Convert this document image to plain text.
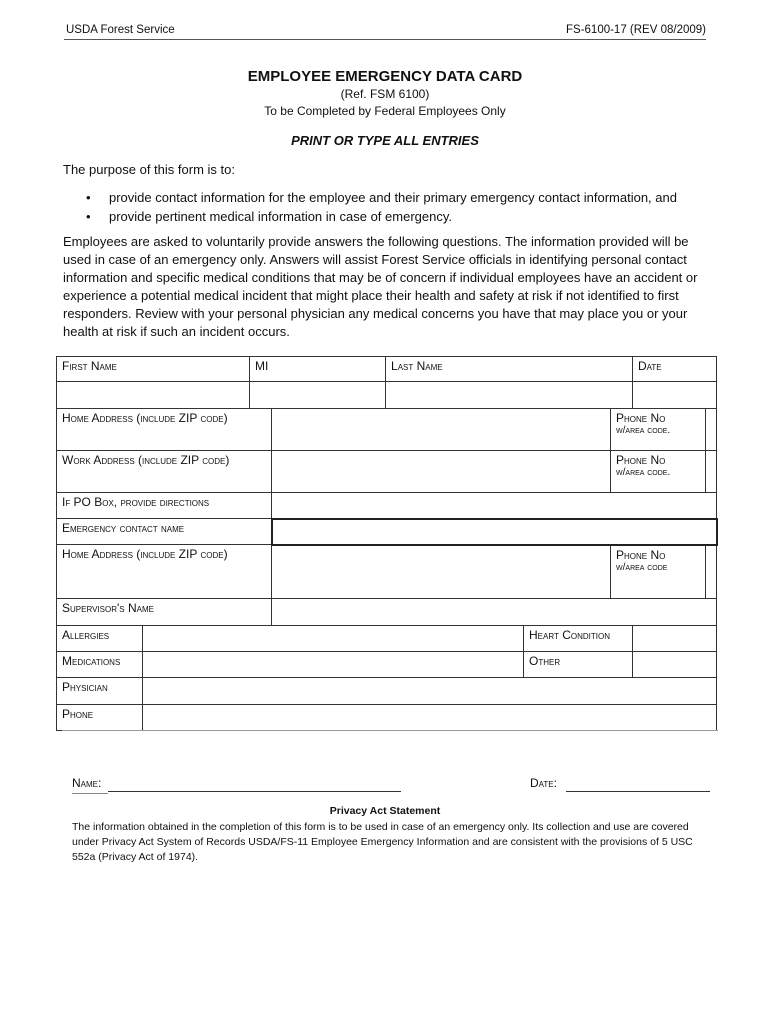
USDA Forest Service	FS-6100-17 (REV 08/2009)
EMPLOYEE EMERGENCY DATA CARD
(Ref. FSM 6100)
To be Completed by Federal Employees Only
PRINT OR TYPE ALL ENTRIES
The purpose of this form is to:
• provide contact information for the employee and their primary emergency contact information, and
• provide pertinent medical information in case of emergency.
Employees are asked to voluntarily provide answers the following questions. The information provided will be used in case of an emergency only. Answers will assist Forest Service officials in identifying personal contact information and specific medical conditions that may be of concern if individual employees have an accident or experience a potential medical incident that might place their health and safety at risk if not identified to first responders. Review with your personal physician any medical concerns you have that may place you or your health at risk if such an incident occurs.
First Name		MI		Last Name			Date

Home Address (include ZIP code)						Phone No
w/area code.	

Work Address (include ZIP code)						Phone No
w/area code.	

If PO Box, provide directions							
Emergency contact name							
Home Address (include ZIP code)						Phone No
w/area code	

Supervisor's Name							
Allergies					Heart Condition		
Medications					Other		
Physician							
Phone							
Name:	Date:
Privacy Act Statement
The information obtained in the completion of this form is to be used in case of an emergency only. Its collection and use are covered under Privacy Act System of Records USDA/FS-11 Employee Emergency Information and are consistent with the provisions of 5 USC 552a (Privacy Act of 1974).
